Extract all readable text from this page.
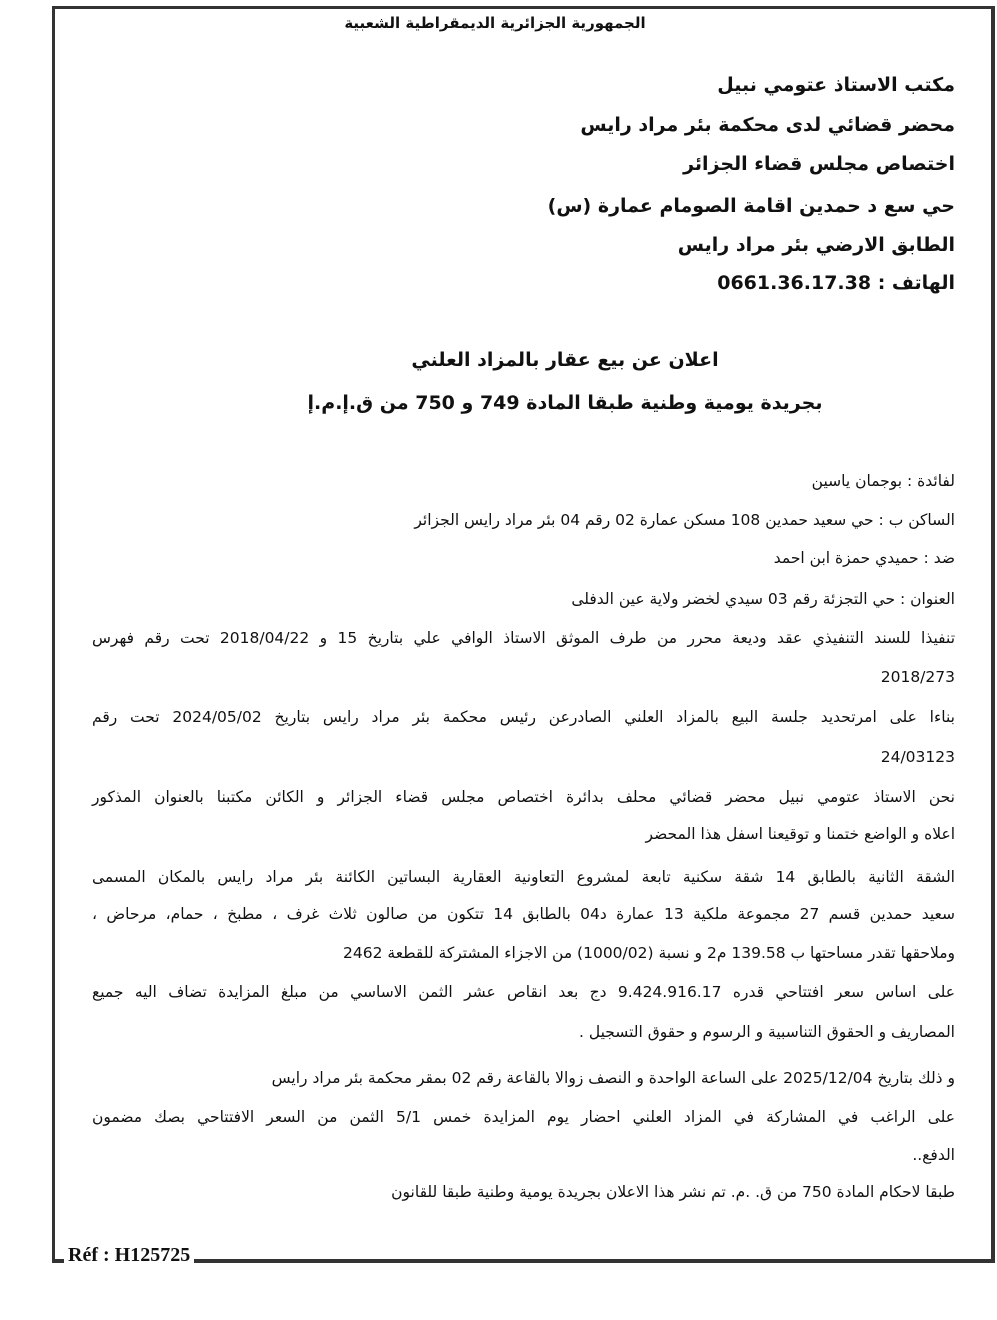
الجمهورية الجزائرية الديمقراطية الشعبية
مكتب الاستاذ عتومي نبيل
محضر قضائي لدى محكمة بئر مراد رايس
اختصاص مجلس قضاء الجزائر
حي سع د حمدين اقامة الصومام عمارة (س)
الطابق الارضي بئر مراد رايس
الهاتف : 0661.36.17.38
اعلان عن بيع عقار بالمزاد العلني
بجريدة يومية وطنية طبقا المادة 749 و 750 من ق.إ.م.إ
لفائدة : بوجمان ياسين
الساكن ب : حي سعيد حمدين 108 مسكن عمارة 02 رقم 04 بئر مراد رايس الجزائر
ضد : حميدي حمزة ابن احمد
العنوان : حي التجزئة رقم 03 سيدي لخضر ولاية عين الدفلى
تنفيذا للسند التنفيذي عقد وديعة محرر من طرف الموثق الاستاذ الوافي علي بتاريخ 15 و 2018/04/22 تحت رقم فهرس
2018/273
بناءا على امرتحديد جلسة البيع بالمزاد العلني الصادرعن رئيس محكمة بئر مراد رايس بتاريخ 2024/05/02 تحت رقم
24/03123
نحن الاستاذ عتومي نبيل محضر قضائي محلف بدائرة اختصاص مجلس قضاء الجزائر و الكائن مكتبنا بالعنوان المذكور
اعلاه و الواضع ختمنا و توقيعنا اسفل هذا المحضر
الشقة الثانية بالطابق 14 شقة سكنية تابعة لمشروع التعاونية العقارية البساتين الكائنة بئر مراد رايس بالمكان المسمى
سعيد حمدين قسم 27 مجموعة ملكية 13 عمارة د04 بالطابق 14 تتكون من صالون ثلاث غرف ، مطبخ ، حمام، مرحاض ،
وملاحقها تقدر مساحتها ب 139.58 م2 و نسبة (1000/02) من الاجزاء المشتركة للقطعة 2462
على اساس سعر افتتاحي قدره 9.424.916.17 دج بعد انقاص عشر الثمن الاساسي من مبلغ المزايدة تضاف اليه جميع
المصاريف و الحقوق التناسبية و الرسوم و حقوق التسجيل .
و ذلك بتاريخ 2025/12/04 على الساعة الواحدة و النصف زوالا بالقاعة رقم 02 بمقر محكمة بئر مراد رايس
على الراغب في المشاركة في المزاد العلني احضار يوم المزايدة خمس 5/1 الثمن من السعر الافتتاحي بصك مضمون
الدفع..
طبقا لاحكام المادة 750 من ق. .م. تم نشر هذا الاعلان بجريدة يومية وطنية طبقا للقانون
Réf : H125725
